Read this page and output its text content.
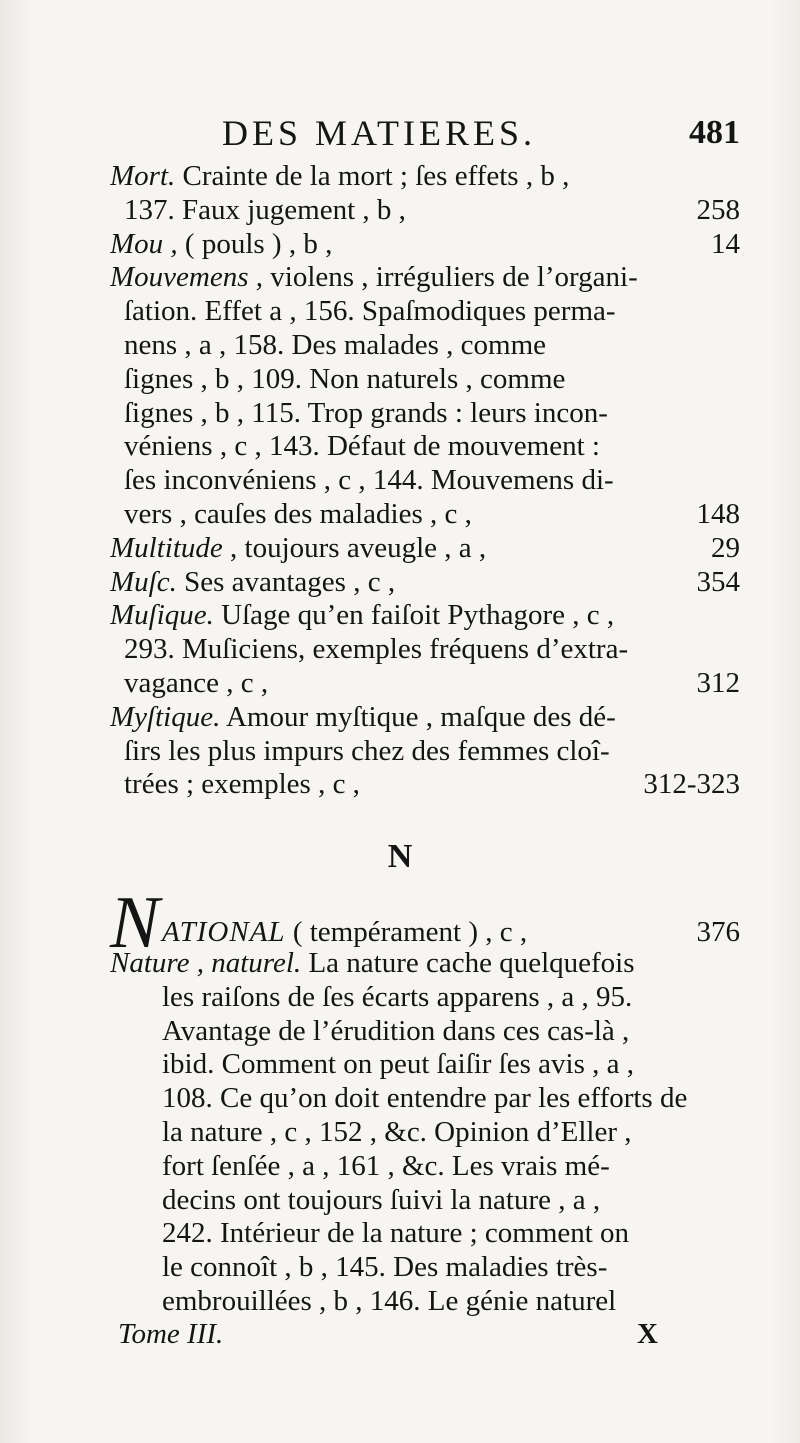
DES MATIERES.	481
Mort. Crainte de la mort ; ſes effets , b ,
137. Faux jugement , b ,	258
Mou , ( pouls ) , b ,	14
Mouvemens , violens , irréguliers de l’organi-
ſation. Effet a , 156. Spaſmodiques perma-
nens , a , 158. Des malades , comme
ſignes , b , 109. Non naturels , comme
ſignes , b , 115. Trop grands : leurs incon-
véniens , c , 143. Défaut de mouvement :
ſes inconvéniens , c , 144. Mouvemens di-
vers , cauſes des maladies , c ,	148
Multitude , toujours aveugle , a ,	29
Muſc. Ses avantages , c ,	354
Muſique. Uſage qu’en faiſoit Pythagore , c ,
293. Muſiciens, exemples fréquens d’extra-
vagance , c ,	312
Myſtique. Amour myſtique , maſque des dé-
ſirs les plus impurs chez des femmes cloî-
trées ; exemples , c ,	312-323
N
N ATIONAL ( tempérament ) , c ,	376
Nature , naturel. La nature cache quelquefois
les raiſons de ſes écarts apparens , a , 95.
Avantage de l’érudition dans ces cas-là ,
ibid. Comment on peut ſaiſir ſes avis , a ,
108. Ce qu’on doit entendre par les efforts de
la nature , c , 152 , &c. Opinion d’Eller ,
fort ſenſée , a , 161 , &c. Les vrais mé-
decins ont toujours ſuivi la nature , a ,
242. Intérieur de la nature ; comment on
le connoît , b , 145. Des maladies très-
embrouillées , b , 146. Le génie naturel
Tome III.	X
